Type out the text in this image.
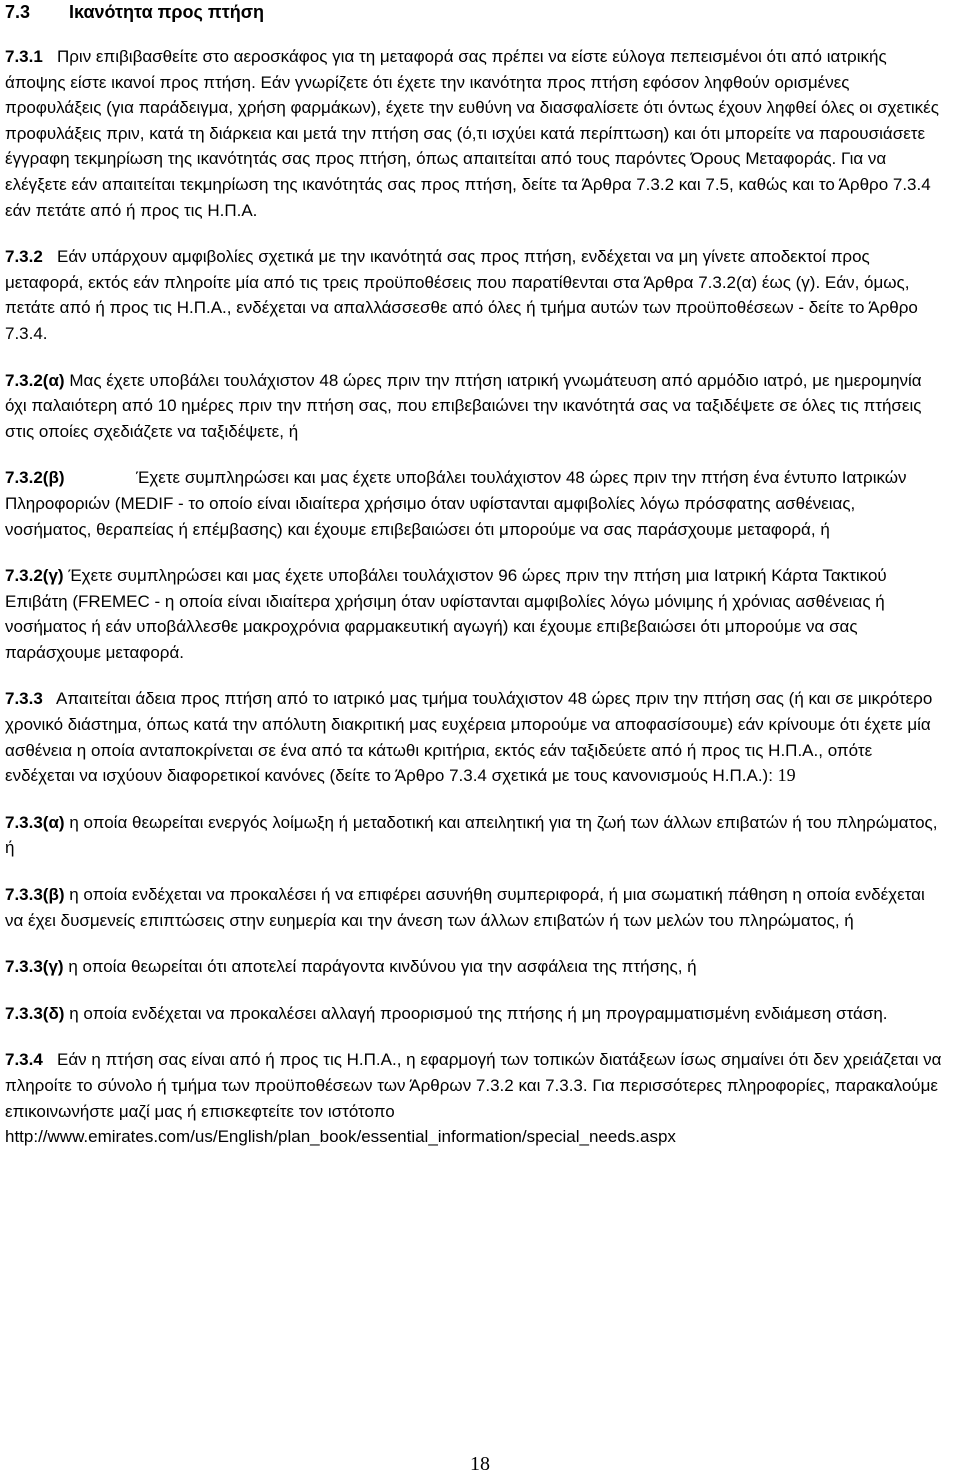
7.3 Ικανότητα προς πτήση

7.3.1 Πριν επιβιβασθείτε στο αεροσκάφος για τη μεταφορά σας πρέπει να είστε εύλογα πεπεισμένοι ότι από ιατρικής άποψης είστε ικανοί προς πτήση. Εάν γνωρίζετε ότι έχετε την ικανότητα προς πτήση εφόσον ληφθούν ορισμένες προφυλάξεις (για παράδειγμα, χρήση φαρμάκων), έχετε την ευθύνη να διασφαλίσετε ότι όντως έχουν ληφθεί όλες οι σχετικές προφυλάξεις πριν, κατά τη διάρκεια και μετά την πτήση σας (ό,τι ισχύει κατά περίπτωση) και ότι μπορείτε να παρουσιάσετε έγγραφη τεκμηρίωση της ικανότητάς σας προς πτήση, όπως απαιτείται από τους παρόντες Όρους Μεταφοράς. Για να ελέγξετε εάν απαιτείται τεκμηρίωση της ικανότητάς σας προς πτήση, δείτε τα Άρθρα 7.3.2 και 7.5, καθώς και το Άρθρο 7.3.4 εάν πετάτε από ή προς τις Η.Π.Α.

7.3.2 Εάν υπάρχουν αμφιβολίες σχετικά με την ικανότητά σας προς πτήση, ενδέχεται να μη γίνετε αποδεκτοί προς μεταφορά, εκτός εάν πληροίτε μία από τις τρεις προϋποθέσεις που παρατίθενται στα Άρθρα 7.3.2(α) έως (γ). Εάν, όμως, πετάτε από ή προς τις Η.Π.Α., ενδέχεται να απαλλάσσεσθε από όλες ή τμήμα αυτών των προϋποθέσεων - δείτε το Άρθρο 7.3.4.

7.3.2(α) Μας έχετε υποβάλει τουλάχιστον 48 ώρες πριν την πτήση ιατρική γνωμάτευση από αρμόδιο ιατρό, με ημερομηνία όχι παλαιότερη από 10 ημέρες πριν την πτήση σας, που επιβεβαιώνει την ικανότητά σας να ταξιδέψετε σε όλες τις πτήσεις στις οποίες σχεδιάζετε να ταξιδέψετε, ή

7.3.2(β)	Έχετε συμπληρώσει και μας έχετε υποβάλει τουλάχιστον 48 ώρες πριν την πτήση ένα έντυπο Ιατρικών Πληροφοριών (MEDIF - το οποίο είναι ιδιαίτερα χρήσιμο όταν υφίστανται αμφιβολίες λόγω πρόσφατης ασθένειας, νοσήματος, θεραπείας ή επέμβασης) και έχουμε επιβεβαιώσει ότι μπορούμε να σας παράσχουμε μεταφορά, ή

7.3.2(γ) Έχετε συμπληρώσει και μας έχετε υποβάλει τουλάχιστον 96 ώρες πριν την πτήση μια Ιατρική Κάρτα Τακτικού Επιβάτη (FREMEC - η οποία είναι ιδιαίτερα χρήσιμη όταν υφίστανται αμφιβολίες λόγω μόνιμης ή χρόνιας ασθένειας ή νοσήματος ή εάν υποβάλλεσθε μακροχρόνια φαρμακευτική αγωγή) και έχουμε επιβεβαιώσει ότι μπορούμε να σας παράσχουμε μεταφορά.

7.3.3 Απαιτείται άδεια προς πτήση από το ιατρικό μας τμήμα τουλάχιστον 48 ώρες πριν την πτήση σας (ή και σε μικρότερο χρονικό διάστημα, όπως κατά την απόλυτη διακριτική μας ευχέρεια μπορούμε να αποφασίσουμε) εάν κρίνουμε ότι έχετε μία ασθένεια η οποία ανταποκρίνεται σε ένα από τα κάτωθι κριτήρια, εκτός εάν ταξιδεύετε από ή προς τις Η.Π.Α., οπότε ενδέχεται να ισχύουν διαφορετικοί κανόνες (δείτε το Άρθρο 7.3.4 σχετικά με τους κανονισμούς Η.Π.Α.): 19

7.3.3(α) η οποία θεωρείται ενεργός λοίμωξη ή μεταδοτική και απειλητική για τη ζωή των άλλων επιβατών ή του πληρώματος, ή

7.3.3(β) η οποία ενδέχεται να προκαλέσει ή να επιφέρει ασυνήθη συμπεριφορά, ή μια σωματική πάθηση η οποία ενδέχεται να έχει δυσμενείς επιπτώσεις στην ευημερία και την άνεση των άλλων επιβατών ή των μελών του πληρώματος, ή

7.3.3(γ) η οποία θεωρείται ότι αποτελεί παράγοντα κινδύνου για την ασφάλεια της πτήσης, ή

7.3.3(δ) η οποία ενδέχεται να προκαλέσει αλλαγή προορισμού της πτήσης ή μη προγραμματισμένη ενδιάμεση στάση.

7.3.4 Εάν η πτήση σας είναι από ή προς τις Η.Π.Α., η εφαρμογή των τοπικών διατάξεων ίσως σημαίνει ότι δεν χρειάζεται να πληροίτε το σύνολο ή τμήμα των προϋποθέσεων των Άρθρων 7.3.2 και 7.3.3. Για περισσότερες πληροφορίες, παρακαλούμε επικοινωνήστε μαζί μας ή επισκεφτείτε τον ιστότοπο
http://www.emirates.com/us/English/plan_book/essential_information/special_needs.aspx

18
